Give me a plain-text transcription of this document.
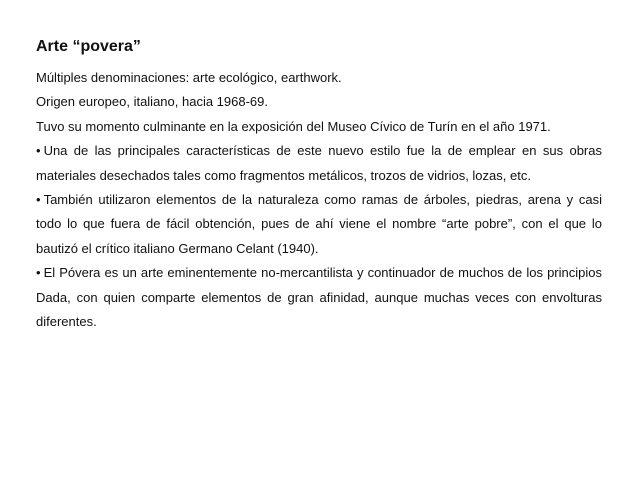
Arte “povera”

Múltiples denominaciones: arte ecológico, earthwork.

Origen europeo, italiano, hacia 1968-69.

Tuvo su momento culminante en la exposición del Museo Cívico de Turín en el año 1971.

• Una de las principales características de este nuevo estilo fue la de emplear en sus obras materiales desechados tales como fragmentos metálicos, trozos de vidrios, lozas, etc.

• También utilizaron elementos de la naturaleza como ramas de árboles, piedras, arena y casi todo lo que fuera de fácil obtención, pues de ahí viene el nombre “arte pobre”, con el que lo bautizó el crítico italiano Germano Celant (1940).

• El Póvera es un arte eminentemente no-mercantilista y continuador de muchos de los principios Dada, con quien comparte elementos de gran afinidad, aunque muchas veces con envolturas diferentes.
